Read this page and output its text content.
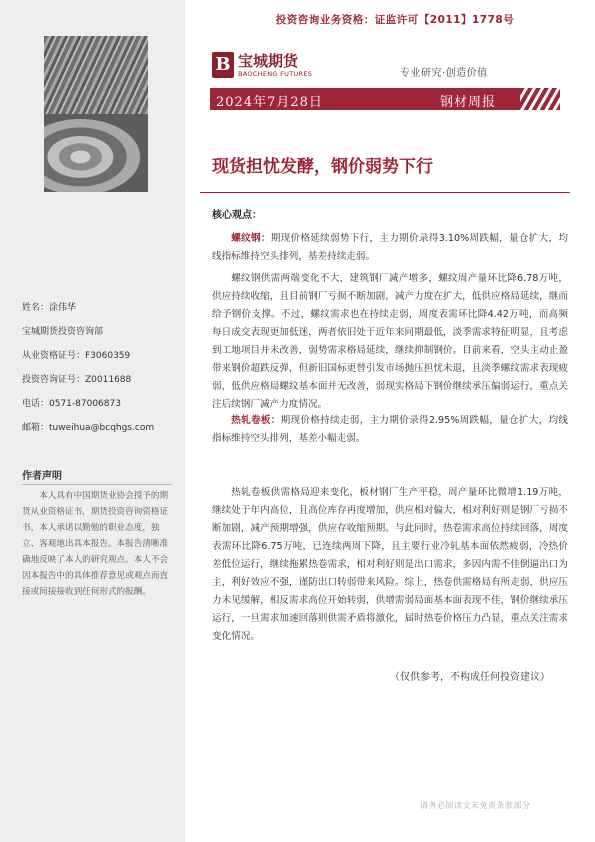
投资咨询业务资格：证监许可【2011】1778号
B 宝城期货
BAOCHENG FUTURES	专业研究·创造价值
2024年7月28日	钢材周报
现货担忧发酵，钢价弱势下行
核心观点：

螺纹钢：期现价格延续弱势下行，主力期价录得3.10%周跌幅，量仓扩大，均线指标维持空头排列，基差持续走弱。

螺纹钢供需两端变化不大，建筑钢厂减产增多，螺纹周产量环比降6.78万吨，供应持续收缩，且目前钢厂亏损不断加剧，减产力度在扩大，低供应格局延续，继而给予钢价支撑。不过，螺纹需求也在持续走弱，周度表需环比降4.42万吨，而高频每日成交表现更加低迷，两者依旧处于近年来同期最低，淡季需求特征明显，且考虑到工地项目并未改善，弱势需求格局延续，继续抑制钢价。目前来看，空头主动止盈带来钢价超跌反弹，但新旧国标更替引发市场抛压担忧未退，且淡季螺纹需求表现疲弱，低供应格局螺纹基本面并无改善，弱现实格局下钢价继续承压偏弱运行，重点关注后续钢厂减产力度情况。

热轧卷板：期现价格持续走弱，主力期价录得2.95%周跌幅，量仓扩大，均线指标维持空头排列，基差小幅走弱。

热轧卷板供需格局迎来变化，板材钢厂生产平稳，周产量环比微增1.19万吨，继续处于年内高位，且高位库存再度增加，供应相对偏大，相对利好则是钢厂亏损不断加剧，减产预期增强，供应存收缩预期。与此同时，热卷需求高位持续回落，周度表需环比降6.75万吨，已连续两周下降，且主要行业冷轧基本面依然疲弱，冷热价差低位运行，继续拖累热卷需求，相对利好则是出口需求，多因内需不佳倒逼出口为主，利好效应不强，谨防出口转弱带来风险。综上，热卷供需格局有所走弱，供应压力未见缓解，相反需求高位开始转弱，供增需弱局面基本面表现不佳，钢价继续承压运行，一旦需求加速回落则供需矛盾将激化，届时热卷价格压力凸显，重点关注需求变化情况。

（仅供参考，不构成任何投资建议）
请务必阅读文末免责条款部分
姓名：涂伟华
宝城期货投资咨询部
从业资格证号：F3060359
投资咨询证号：Z0011688
电话：0571-87006873
邮箱：tuweihua@bcqhgs.com
作者声明
本人具有中国期货业协会授予的期货从业资格证书，期货投资咨询资格证书，本人承诺以勤勉的职业态度，独立、客观地出具本报告。本报告清晰准确地反映了本人的研究观点。本人不会因本报告中的具体推荐意见或观点而直接或间接接收到任何形式的报酬。
